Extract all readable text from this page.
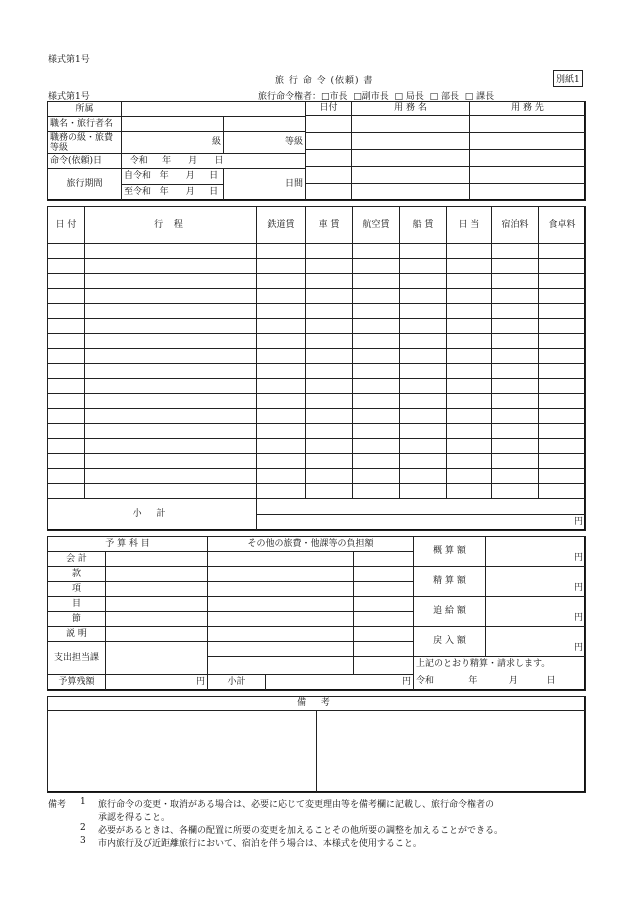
様式第1号
旅 行 命 令 (依頼) 書	別紙1
様式第1号	旅行命令権者：□市長 □副市長 □ 局長 □ 部長 □ 課長
所属		
職名・旅行者名		
職務の級・旅費等級	級	等級
命令(依頼)日	令和 年 月 日	
旅行期間	自令和 年 月 日	日間
	至令和 年 月 日	
日付	用 務 名	用 務 先

日 付	行 程	鉄道賃	車 賃	航空賃	船 賃	日 当	宿泊料	食卓料

小 計								
		円						
予 算 科 目	
会 計	
款	
項	
目	
節	
説 明	
支出担当課	
予算残額	円
その他の旅費・他課等の負担額		

小計	円	
概 算 額	円
精 算 額	円
追 給 額	円
戻 入 額	円
上記のとおり精算・請求します。	
令和 年 月 日	
備 考

備考 1 旅行命令の変更・取消がある場合は、必要に応じて変更理由等を備考欄に記載し、旅行命令権者の
承認を得ること。
2 必要があるときは、各欄の配置に所要の変更を加えることその他所要の調整を加えることができる。
3 市内旅行及び近距離旅行において、宿泊を伴う場合は、本様式を使用すること。
